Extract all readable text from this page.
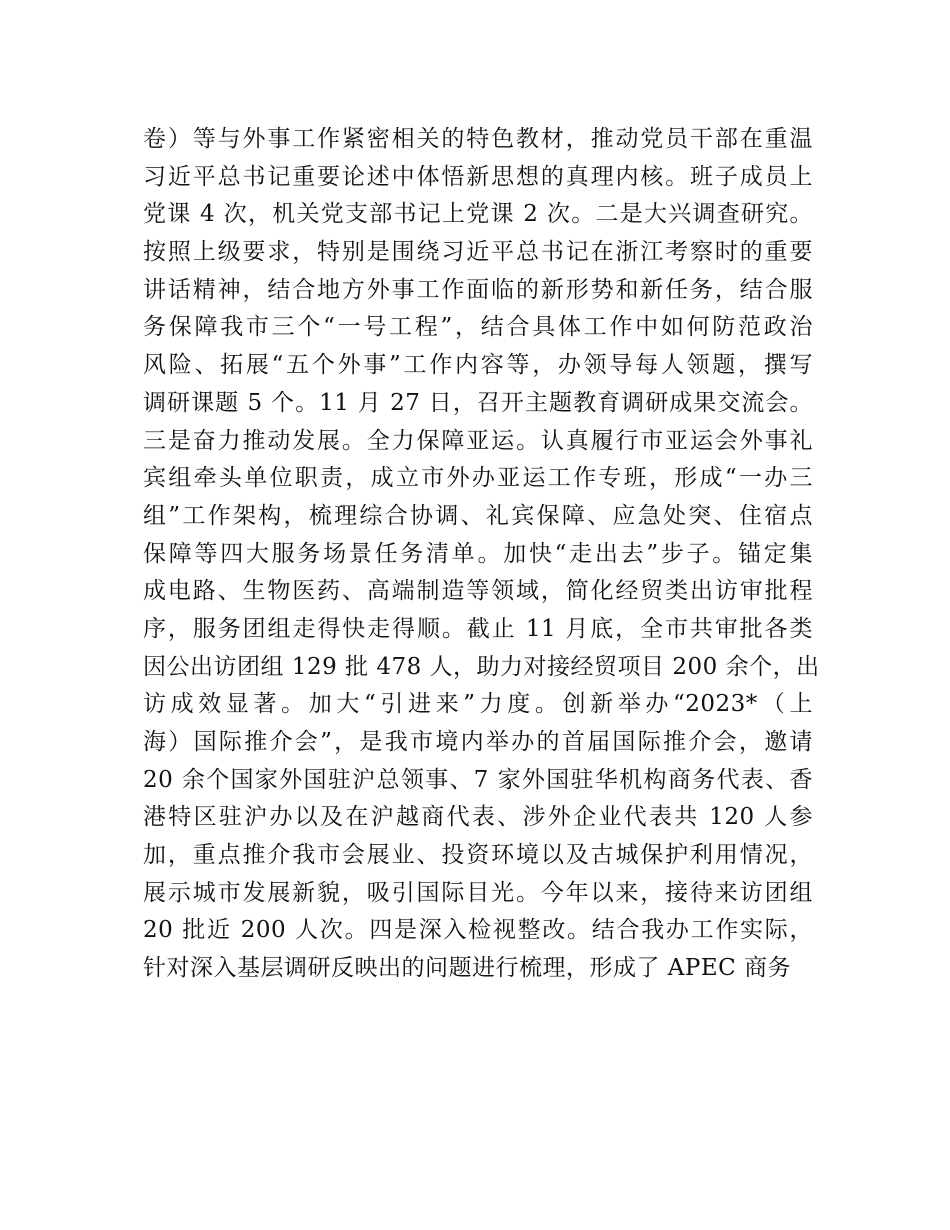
卷）等与外事工作紧密相关的特色教材，推动党员干部在重温
习近平总书记重要论述中体悟新思想的真理内核。班子成员上
党课 4 次，机关党支部书记上党课 2 次。二是大兴调查研究。
按照上级要求，特别是围绕习近平总书记在浙江考察时的重要
讲话精神，结合地方外事工作面临的新形势和新任务，结合服
务保障我市三个“一号工程”，结合具体工作中如何防范政治
风险、拓展“五个外事”工作内容等，办领导每人领题，撰写
调研课题 5 个。11 月 27 日，召开主题教育调研成果交流会。
三是奋力推动发展。全力保障亚运。认真履行市亚运会外事礼
宾组牵头单位职责，成立市外办亚运工作专班，形成“一办三
组”工作架构，梳理综合协调、礼宾保障、应急处突、住宿点
保障等四大服务场景任务清单。加快“走出去”步子。锚定集
成电路、生物医药、高端制造等领域，简化经贸类出访审批程
序，服务团组走得快走得顺。截止 11 月底，全市共审批各类
因公出访团组 129 批 478 人，助力对接经贸项目 200 余个，出
访成效显著。加大“引进来”力度。创新举办“2023*（上
海）国际推介会”，是我市境内举办的首届国际推介会，邀请
20 余个国家外国驻沪总领事、7 家外国驻华机构商务代表、香
港特区驻沪办以及在沪越商代表、涉外企业代表共 120 人参
加，重点推介我市会展业、投资环境以及古城保护利用情况，
展示城市发展新貌，吸引国际目光。今年以来，接待来访团组
20 批近 200 人次。四是深入检视整改。结合我办工作实际，
针对深入基层调研反映出的问题进行梳理，形成了 APEC 商务
